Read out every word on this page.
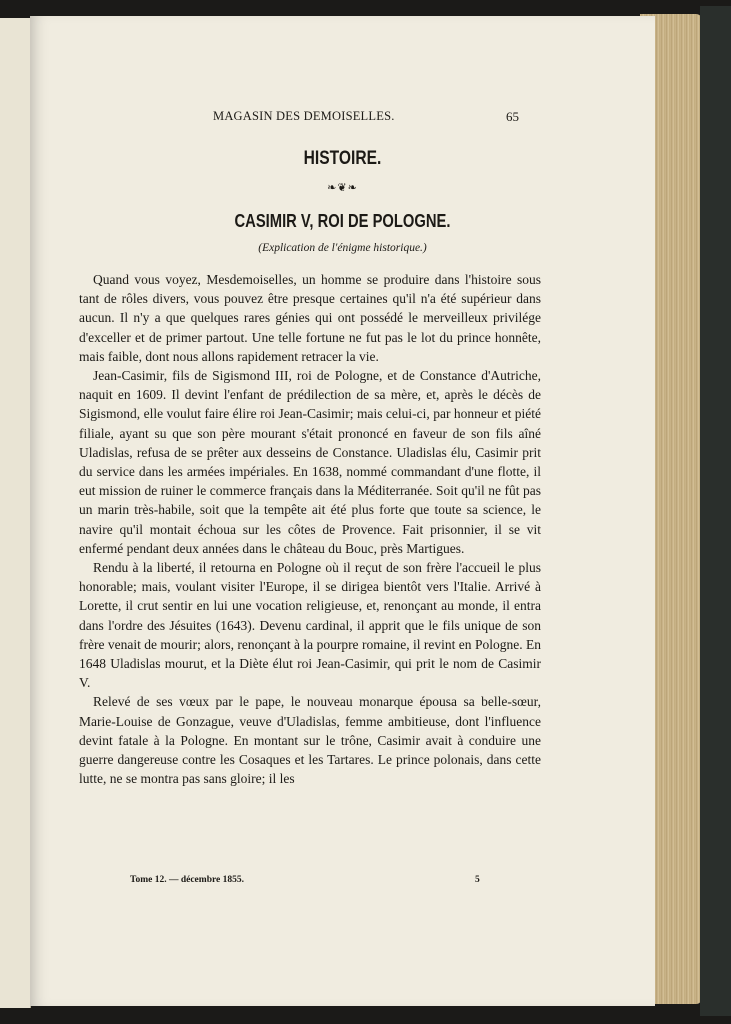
MAGASIN DES DEMOISELLES.	65
HISTOIRE.
❧❦❧
CASIMIR V, ROI DE POLOGNE.
(Explication de l'énigme historique.)

Quand vous voyez, Mesdemoiselles, un homme se produire dans l'histoire sous tant de rôles divers, vous pouvez être presque certaines qu'il n'a été supérieur dans aucun. Il n'y a que quelques rares génies qui ont possédé le merveilleux privilége d'exceller et de primer partout. Une telle fortune ne fut pas le lot du prince honnête, mais faible, dont nous allons rapidement retracer la vie.

Jean-Casimir, fils de Sigismond III, roi de Pologne, et de Constance d'Autriche, naquit en 1609. Il devint l'enfant de prédilection de sa mère, et, après le décès de Sigismond, elle voulut faire élire roi Jean-Casimir; mais celui-ci, par honneur et piété filiale, ayant su que son père mourant s'était prononcé en faveur de son fils aîné Uladislas, refusa de se prêter aux desseins de Constance. Uladislas élu, Casimir prit du service dans les armées impériales. En 1638, nommé commandant d'une flotte, il eut mission de ruiner le commerce français dans la Méditerranée. Soit qu'il ne fût pas un marin très-habile, soit que la tempête ait été plus forte que toute sa science, le navire qu'il montait échoua sur les côtes de Provence. Fait prisonnier, il se vit enfermé pendant deux années dans le château du Bouc, près Martigues.

Rendu à la liberté, il retourna en Pologne où il reçut de son frère l'accueil le plus honorable; mais, voulant visiter l'Europe, il se dirigea bientôt vers l'Italie. Arrivé à Lorette, il crut sentir en lui une vocation religieuse, et, renonçant au monde, il entra dans l'ordre des Jésuites (1643). Devenu cardinal, il apprit que le fils unique de son frère venait de mourir; alors, renonçant à la pourpre romaine, il revint en Pologne. En 1648 Uladislas mourut, et la Diète élut roi Jean-Casimir, qui prit le nom de Casimir V.

Relevé de ses vœux par le pape, le nouveau monarque épousa sa belle-sœur, Marie-Louise de Gonzague, veuve d'Uladislas, femme ambitieuse, dont l'influence devint fatale à la Pologne. En montant sur le trône, Casimir avait à conduire une guerre dangereuse contre les Cosaques et les Tartares. Le prince polonais, dans cette lutte, ne se montra pas sans gloire; il les

Tome 12. — décembre 1855.	5
